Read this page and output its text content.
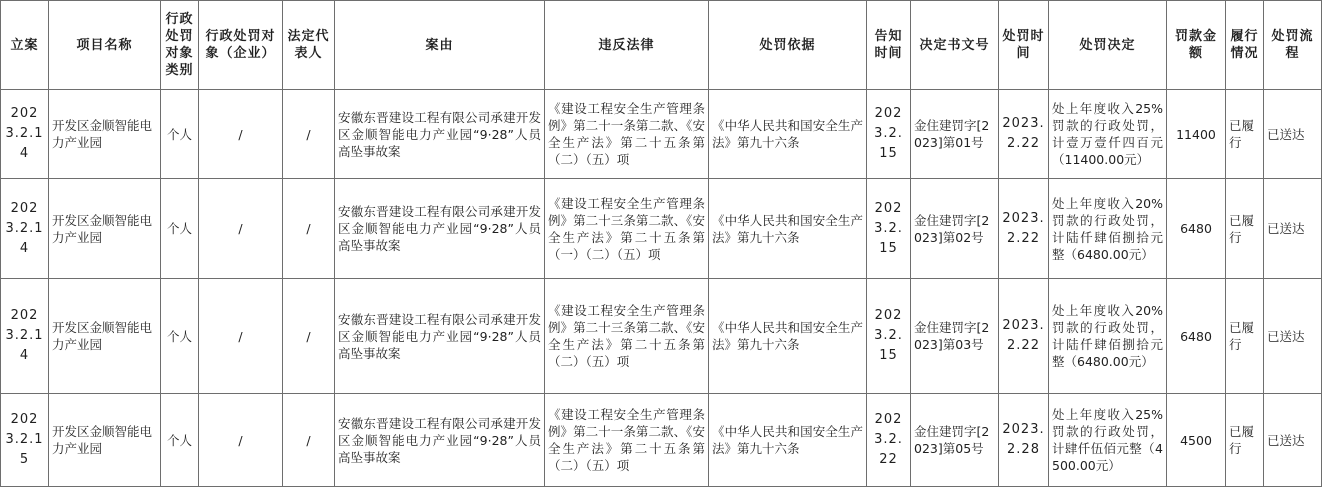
立案	项目名称	行政处罚对象类别	行政处罚对象（企业）	法定代表人	案由	违反法律	处罚依据	告知时间	决定书文号	处罚时间	处罚决定	罚款金额	履行情况	处罚流程
2023.2.14	开发区金顺智能电力产业园	个人	/	/	安徽东晋建设工程有限公司承建开发区金顺智能电力产业园“9·28”人员高坠事故案	《建设工程安全生产管理条例》第二十一条第二款、《安全生产法》第二十五条第（二）（五）项	《中华人民共和国安全生产法》第九十六条	2023.2.15	金住建罚字[2023]第01号	2023.2.22	处上年度收入25%罚款的行政处罚，计壹万壹仟四百元（11400.00元）	11400	已履行	已送达
2023.2.14	开发区金顺智能电力产业园	个人	/	/	安徽东晋建设工程有限公司承建开发区金顺智能电力产业园“9·28”人员高坠事故案	《建设工程安全生产管理条例》第二十三条第二款、《安全生产法》第二十五条第（一）（二）（五）项	《中华人民共和国安全生产法》第九十六条	2023.2.15	金住建罚字[2023]第02号	2023.2.22	处上年度收入20%罚款的行政处罚，计陆仟肆佰捌拾元整（6480.00元）	6480	已履行	已送达
2023.2.14	开发区金顺智能电力产业园	个人	/	/	安徽东晋建设工程有限公司承建开发区金顺智能电力产业园“9·28”人员高坠事故案	《建设工程安全生产管理条例》第二十三条第二款、《安全生产法》第二十五条第（二）（五）项	《中华人民共和国安全生产法》第九十六条	2023.2.15	金住建罚字[2023]第03号	2023.2.22	处上年度收入20%罚款的行政处罚，计陆仟肆佰捌拾元整（6480.00元）	6480	已履行	已送达
2023.2.15	开发区金顺智能电力产业园	个人	/	/	安徽东晋建设工程有限公司承建开发区金顺智能电力产业园“9·28”人员高坠事故案	《建设工程安全生产管理条例》第二十一条第二款、《安全生产法》第二十五条第（二）（五）项	《中华人民共和国安全生产法》第九十六条	2023.2.22	金住建罚字[2023]第05号	2023.2.28	处上年度收入25%罚款的行政处罚，计肆仟伍佰元整（4500.00元）	4500	已履行	已送达
